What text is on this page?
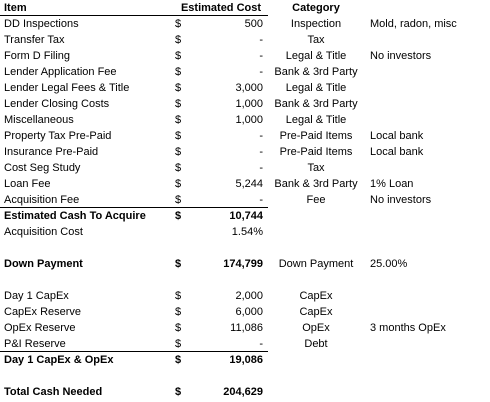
Item	Estimated Cost	Category
DD Inspections	$	500	Inspection	Mold, radon, misc
Transfer Tax	$	-	Tax
Form D Filing	$	-	Legal & Title	No investors
Lender Application Fee	$	-	Bank & 3rd Party
Lender Legal Fees & Title	$	3,000	Legal & Title
Lender Closing Costs	$	1,000	Bank & 3rd Party
Miscellaneous	$	1,000	Legal & Title
Property Tax Pre-Paid	$	-	Pre-Paid Items	Local bank
Insurance Pre-Paid	$	-	Pre-Paid Items	Local bank
Cost Seg Study	$	-	Tax
Loan Fee	$	5,244	Bank & 3rd Party	1% Loan
Acquisition Fee	$	-	Fee	No investors
Estimated Cash To Acquire	$	10,744
Acquisition Cost	1.54%
Down Payment	$	174,799	Down Payment	25.00%
Day 1 CapEx	$	2,000	CapEx
CapEx Reserve	$	6,000	CapEx
OpEx Reserve	$	11,086	OpEx	3 months OpEx
P&I Reserve	$	-	Debt
Day 1 CapEx & OpEx	$	19,086
Total Cash Needed	$	204,629
